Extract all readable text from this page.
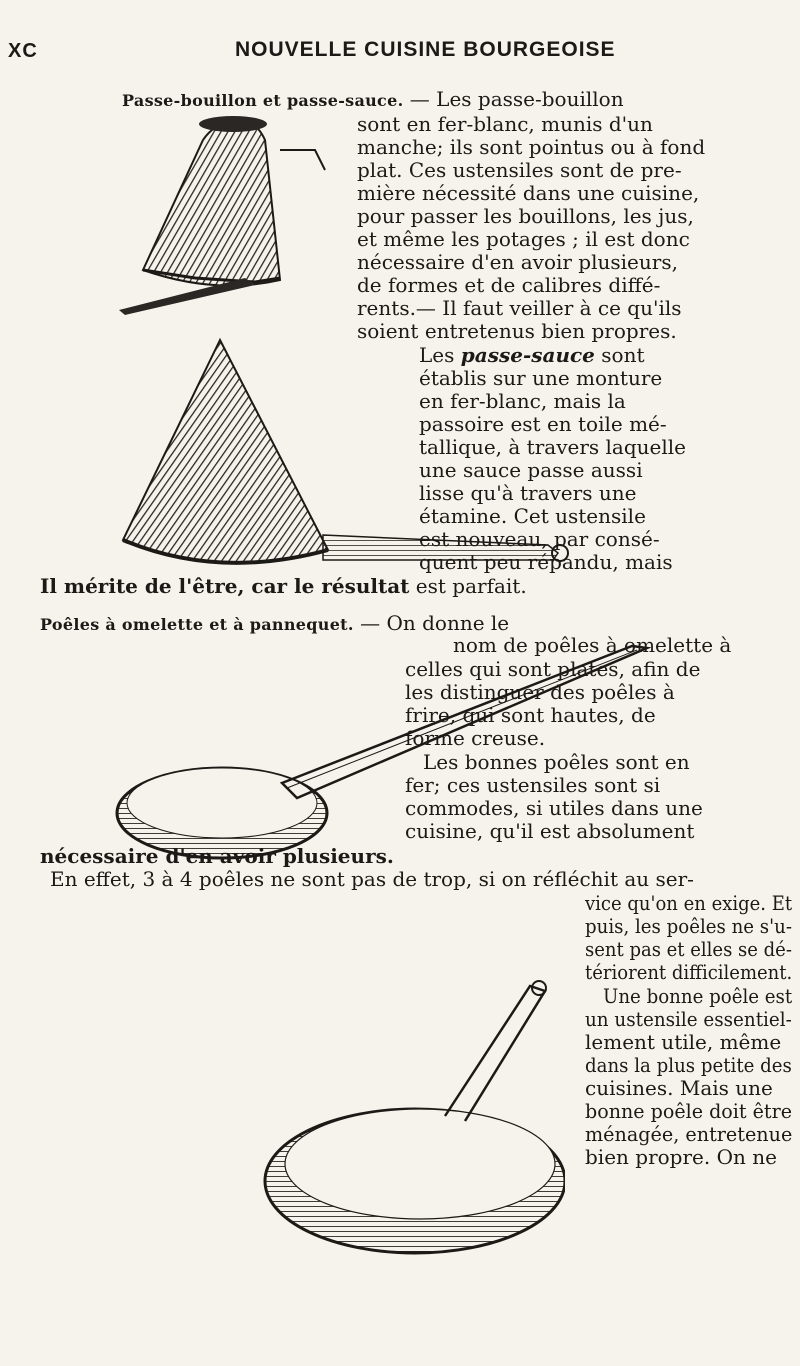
XC	NOUVELLE CUISINE BOURGEOISE
Passe-bouillon et passe-sauce. — Les passe-bouillon
sont en fer-blanc, munis d'un
manche; ils sont pointus ou à fond
plat. Ces ustensiles sont de pre-
mière nécessité dans une cuisine,
pour passer les bouillons, les jus,
et même les potages ; il est donc
nécessaire d'en avoir plusieurs,
de formes et de calibres diffé-
rents.— Il faut veiller à ce qu'ils
soient entretenus bien propres.
Les passe-sauce sont
établis sur une monture
en fer-blanc, mais la
passoire est en toile mé-
tallique, à travers laquelle
une sauce passe aussi
lisse qu'à travers une
étamine. Cet ustensile
est nouveau, par consé-
quent peu répandu, mais
Il mérite de l'être, car le résultat est parfait.
Poêles à omelette et à pannequet. — On donne le
nom de poêles à omelette à
celles qui sont plates, afin de
les distinguer des poêles à
frire, qui sont hautes, de
forme creuse.
Les bonnes poêles sont en
fer; ces ustensiles sont si
commodes, si utiles dans une
cuisine, qu'il est absolument
nécessaire d'en avoir plusieurs.
En effet, 3 à 4 poêles ne sont pas de trop, si on réfléchit au ser-
vice qu'on en exige. Et
puis, les poêles ne s'u-
sent pas et elles se dé-
tériorent difficilement.
Une bonne poêle est
un ustensile essentiel-
lement utile, même
dans la plus petite des
cuisines. Mais une
bonne poêle doit être
ménagée, entretenue
bien propre. On ne
